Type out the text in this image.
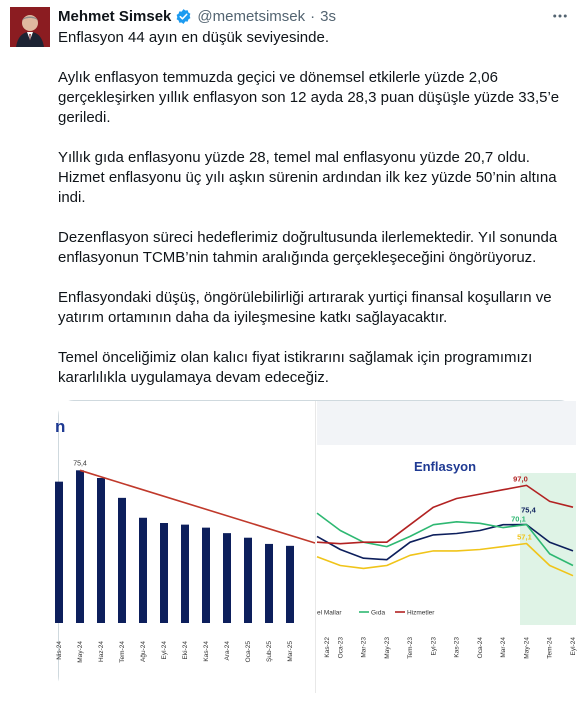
Mehmet Simsek @memetsimsek · 3s

Enflasyon 44 ayın en düşük seviyesinde.

Aylık enflasyon temmuzda geçici ve dönemsel etkilerle yüzde 2,06 gerçekleşirken yıllık enflasyon son 12 ayda 28,3 puan düşüşle yüzde 33,5’e geriledi.

Yıllık gıda enflasyonu yüzde 28, temel mal enflasyonu yüzde 20,7 oldu. Hizmet enflasyonu üç yılı aşkın sürenin ardından ilk kez yüzde 50’nin altına indi.

Dezenflasyon süreci hedeflerimiz doğrultusunda ilerlemektedir. Yıl sonunda enflasyonun TCMB’nin tahmin aralığında gerçekleşeceğini öngörüyoruz.

Enflasyondaki düşüş, öngörülebilirliği artırarak yurtiçi finansal koşulların ve yatırım ortamının daha da iyileşmesine katkı sağlayacaktır.

Temel önceliğimiz olan kalıcı fiyat istikrarını sağlamak için programımızı kararlılıkla uygulamaya devam edeceğiz.

n
75,4
Nis-24 May-24 Haz-24 Tem-24 Ağu-24 Eyl-24 Eki-24 Kas-24 Ara-24 Oca-25 Şub-25 Mar-25
Enflasyon
97,0
75,4
70,1
57,1
el Mallar	Gıda	Hizmetler
Kas-22 Oca-23	Mar-23	May-23	Tem-23	Eyl-23	Kas-23	Oca-24	Mar-24	May-24	Tem-24	Eyl-24
